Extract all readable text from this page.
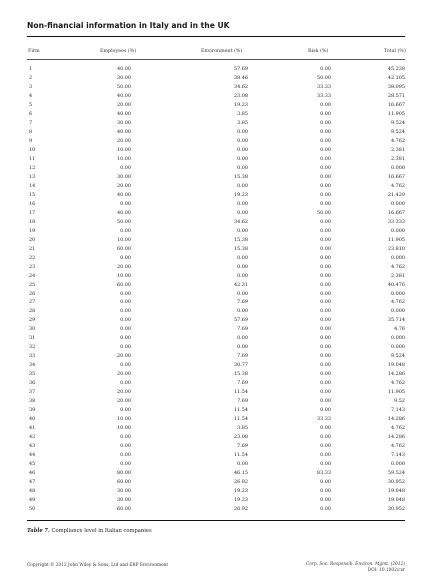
Non-financial information in Italy and in the UK
Firm	Employees (%)	Environment (%)	Risk (%)	Total (%)
1	40.00	57.69	0.00	45.238
2	30.00	38.46	50.00	42.105
3	50.00	34.62	33.33	38.095
4	40.00	23.08	33.33	28.571
5	20.00	19.23	0.00	16.667
6	40.00	3.85	0.00	11.905
7	30.00	3.85	0.00	9.524
8	40.00	0.00	0.00	9.524
9	20.00	0.00	0.00	4.762
10	10.00	0.00	0.00	2.381
11	10.00	0.00	0.00	2.381
12	0.00	0.00	0.00	0.000
13	30.00	15.38	0.00	16.667
14	20.00	0.00	0.00	4.762
15	40.00	19.23	0.00	21.429
16	0.00	0.00	0.00	0.000
17	40.00	0.00	50.00	16.667
18	50.00	34.62	0.00	33.333
19	0.00	0.00	0.00	0.000
20	10.00	15.38	0.00	11.905
21	60.00	15.38	0.00	23.810
22	0.00	0.00	0.00	0.000
23	20.00	0.00	0.00	4.762
24	10.00	0.00	0.00	2.381
25	60.00	42.31	0.00	40.476
26	0.00	0.00	0.00	0.000
27	0.00	7.69	0.00	4.762
28	0.00	0.00	0.00	0.000
29	0.00	57.69	0.00	35.714
30	0.00	7.69	0.00	4.76
31	0.00	0.00	0.00	0.000
32	0.00	0.00	0.00	0.000
33	20.00	7.69	0.00	9.524
34	0.00	30.77	0.00	19.048
35	20.00	15.38	0.00	14.286
36	0.00	7.69	0.00	4.762
37	20.00	11.54	0.00	11.905
38	20.00	7.69	0.00	9.52
39	0.00	11.54	0.00	7.143
40	10.00	11.54	33.33	14.286
41	10.00	3.85	0.00	4.762
42	0.00	23.08	0.00	14.286
43	0.00	7.69	0.00	4.762
44	0.00	11.54	0.00	7.143
45	0.00	0.00	0.00	0.000
46	80.00	46.15	83.33	59.524
47	60.00	26.92	0.00	30.952
48	30.00	19.23	0.00	19.048
49	30.00	19.23	0.00	19.048
50	60.00	26.92	0.00	30.952
Table 7. Compliance level in Italian companies
Copyright © 2012 John Wiley & Sons, Ltd and ERP Environment	Corp. Soc. Responsib. Environ. Mgmt. (2012)
DOI: 10.1002/csr
